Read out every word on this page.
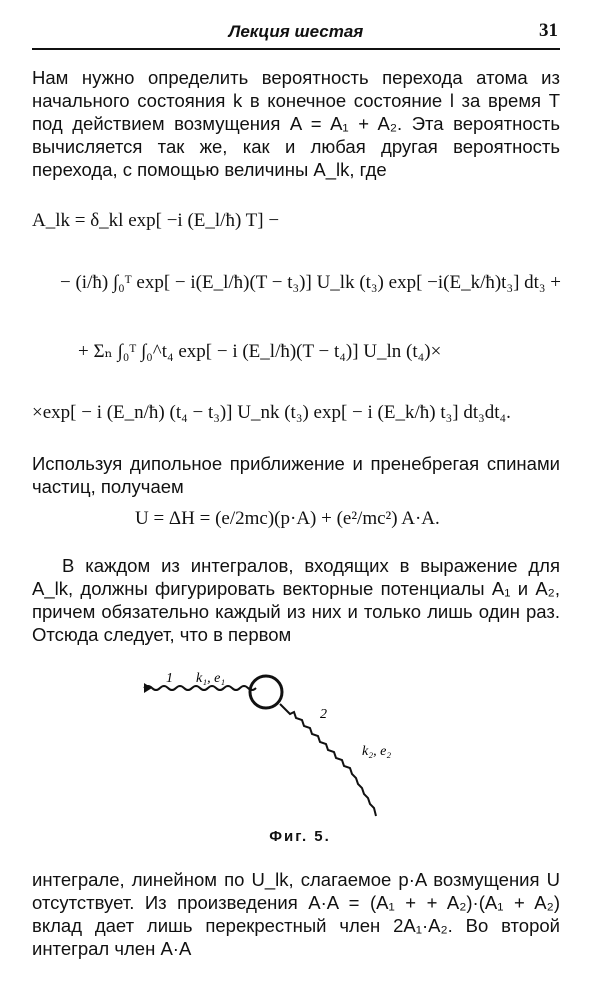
Лекция шестая	31
Нам нужно определить вероятность перехода атома из начального состояния k в конечное состояние l за время T под действием возмущения A = A₁ + A₂. Эта вероятность вычисляется так же, как и любая другая вероятность перехода, с помощью величины A_lk, где
A_lk = δ_kl exp[ −i (E_l/ħ) T] −
− (i/ħ) ∫₀ᵀ exp[ − i(E_l/ħ)(T − t₃)] U_lk (t₃) exp[ −i(E_k/ħ)t₃] dt₃ +
+ Σₙ ∫₀ᵀ ∫₀^t₄ exp[ − i (E_l/ħ)(T − t₄)] U_ln (t₄)×
×exp[ − i (E_n/ħ) (t₄ − t₃)] U_nk (t₃) exp[ − i (E_k/ħ) t₃] dt₃dt₄.
Используя дипольное приближение и пренебрегая спинами частиц, получаем
U = ΔH = (e/2mc)(p·A) + (e²/mc²) A·A.
В каждом из интегралов, входящих в выражение для A_lk, должны фигурировать векторные потенциалы A₁ и A₂, причем обязательно каждый из них и только лишь один раз. Отсюда следует, что в первом
1 k₁, e₁
2
k₂, e₂
Фиг. 5.
интеграле, линейном по U_lk, слагаемое p·A возмущения U отсутствует. Из произведения A·A = (A₁ + + A₂)·(A₁ + A₂) вклад дает лишь перекрестный член 2A₁·A₂. Во второй интеграл член A·A
